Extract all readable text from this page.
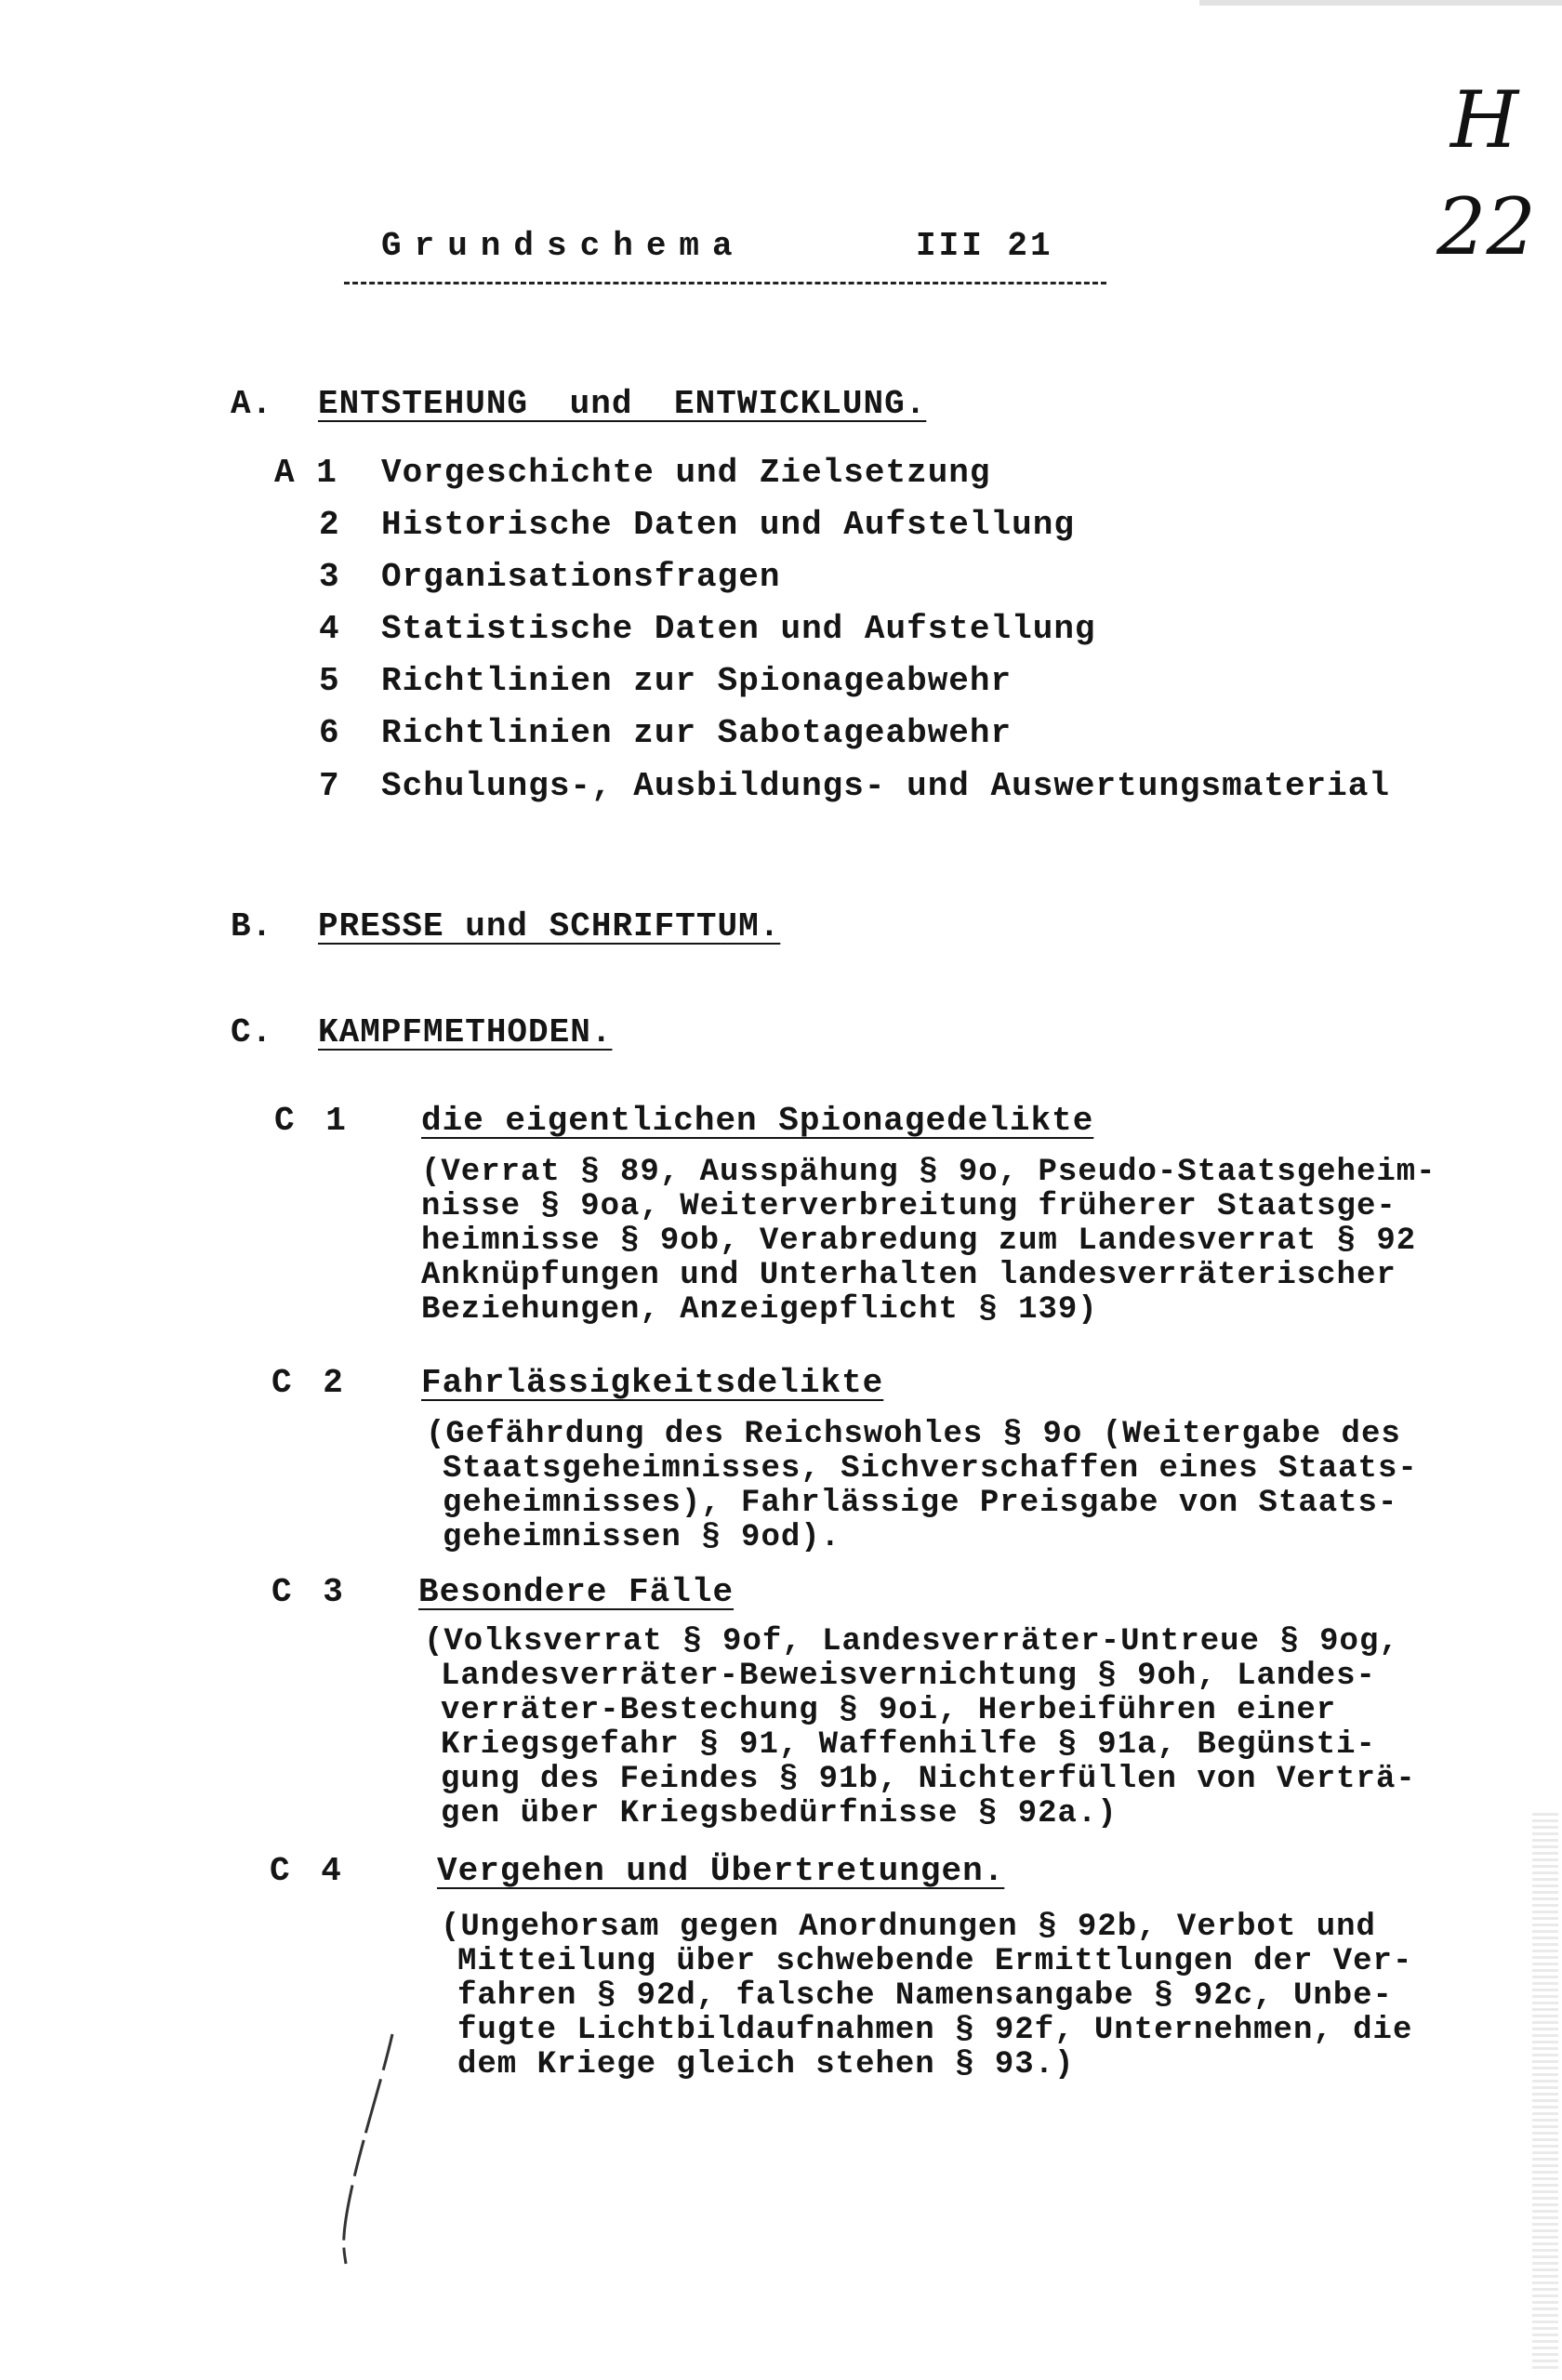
Grundschema	III 21
H
22
A. ENTSTEHUNG und ENTWICKLUNG.
A 1 Vorgeschichte und Zielsetzung
2 Historische Daten und Aufstellung
3 Organisationsfragen
4 Statistische Daten und Aufstellung
5 Richtlinien zur Spionageabwehr
6 Richtlinien zur Sabotageabwehr
7 Schulungs-, Ausbildungs- und Auswertungsmaterial
B. PRESSE und SCHRIFTTUM.
C. KAMPFMETHODEN.
C 1 die eigentlichen Spionagedelikte
(Verrat § 89, Ausspähung § 9o, Pseudo-Staatsgeheim-
nisse § 9oa, Weiterverbreitung früherer Staatsge-
heimnisse § 9ob, Verabredung zum Landesverrat § 92
Anknüpfungen und Unterhalten landesverräterischer
Beziehungen, Anzeigepflicht § 139)
C 2 Fahrlässigkeitsdelikte
(Gefährdung des Reichswohles § 9o (Weitergabe des
Staatsgeheimnisses, Sichverschaffen eines Staats-
geheimnisses), Fahrlässige Preisgabe von Staats-
geheimnissen § 9od).
C 3 Besondere Fälle
(Volksverrat § 9of, Landesverräter-Untreue § 9og,
Landesverräter-Beweisvernichtung § 9oh, Landes-
verräter-Bestechung § 9oi, Herbeiführen einer
Kriegsgefahr § 91, Waffenhilfe § 91a, Begünsti-
gung des Feindes § 91b, Nichterfüllen von Verträ-
gen über Kriegsbedürfnisse § 92a.)
C 4	Vergehen und Übertretungen.
(Ungehorsam gegen Anordnungen § 92b, Verbot und
Mitteilung über schwebende Ermittlungen der Ver-
fahren § 92d, falsche Namensangabe § 92c, Unbe-
fugte Lichtbildaufnahmen § 92f, Unternehmen, die
dem Kriege gleich stehen § 93.)
